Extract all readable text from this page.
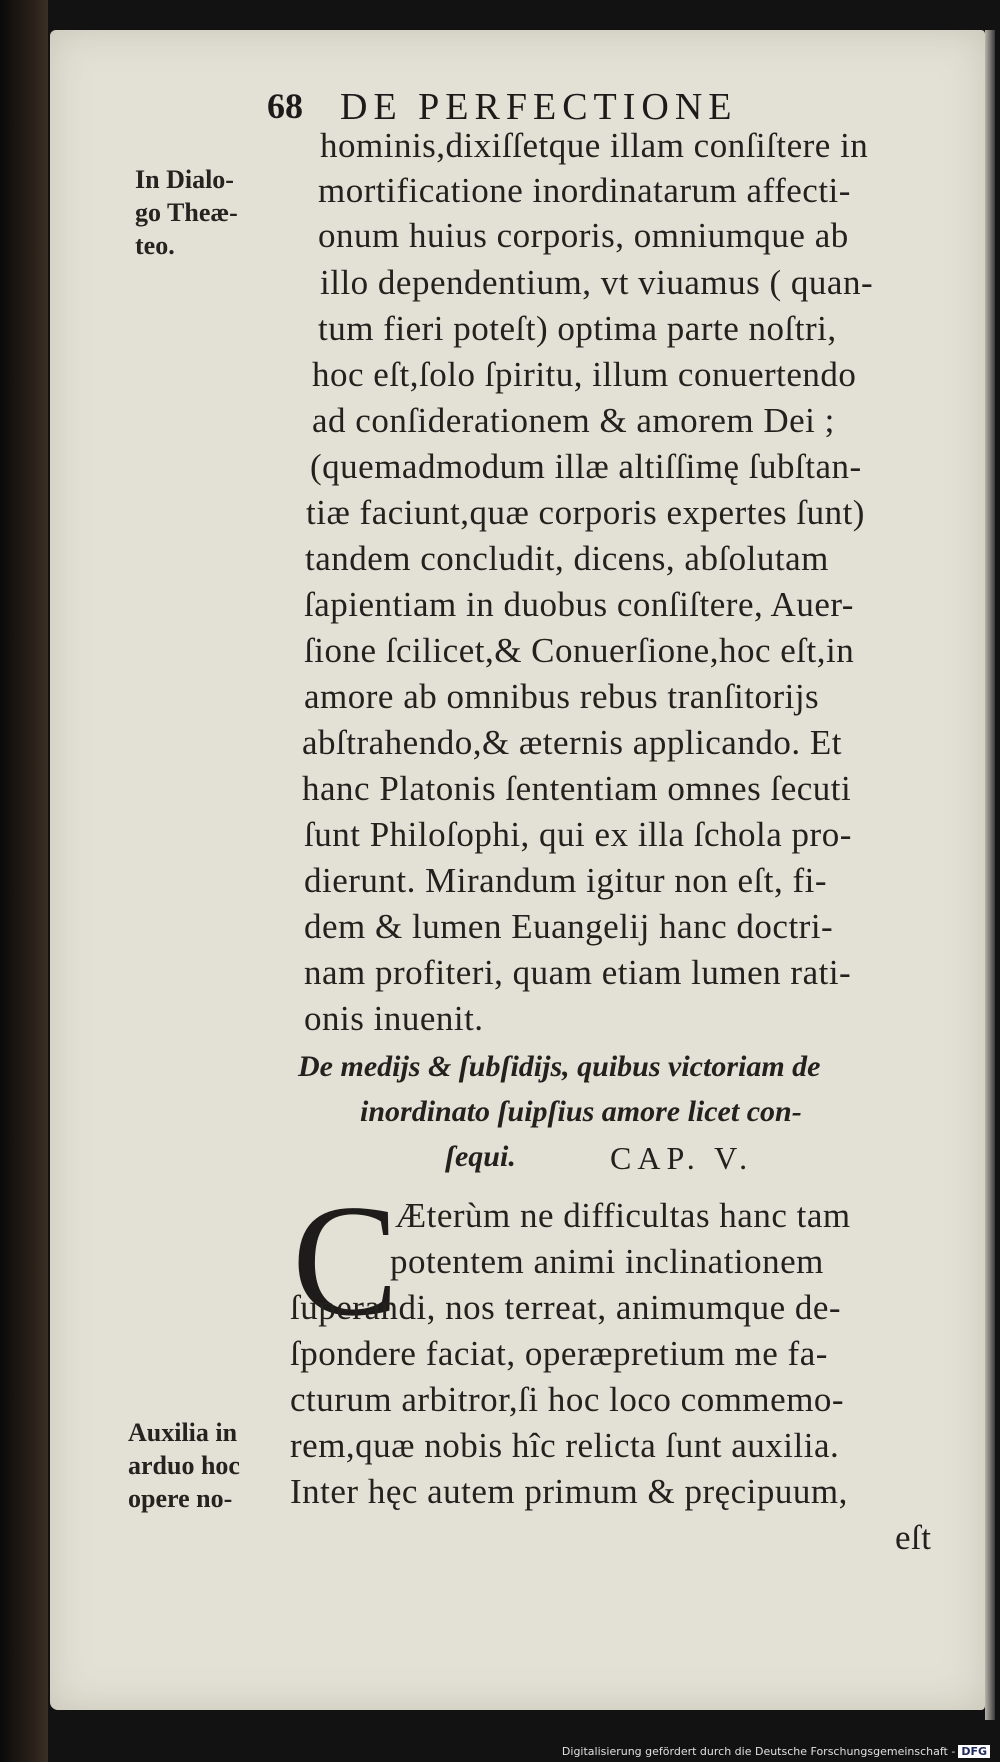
68 DE PERFECTIONE
In Dialo-
go Theæ-
teo.
hominis,dixiſſetque illam conſiſtere in
mortificatione inordinatarum affecti-
onum huius corporis, omniumque ab
illo dependentium, vt viuamus ( quan-
tum fieri poteſt) optima parte noſtri,
hoc eſt,ſolo ſpiritu, illum conuertendo
ad conſiderationem & amorem Dei ;
(quemadmodum illæ altiſſimę ſubſtan-
tiæ faciunt,quæ corporis expertes ſunt)
tandem concludit, dicens, abſolutam
ſapientiam in duobus conſiſtere, Auer-
ſione ſcilicet,& Conuerſione,hoc eſt,in
amore ab omnibus rebus tranſitorijs
abſtrahendo,& æternis applicando. Et
hanc Platonis ſententiam omnes ſecuti
ſunt Philoſophi, qui ex illa ſchola pro-
dierunt. Mirandum igitur non eſt, fi-
dem & lumen Euangelij hanc doctri-
nam profiteri, quam etiam lumen rati-
onis inuenit.
De medijs & ſubſidijs, quibus victoriam de
inordinato ſuipſius amore licet con-
ſequi.	CAP. V.
C
Æterùm ne difficultas hanc tam
potentem animi inclinationem
ſuperandi, nos terreat, animumque de-
ſpondere faciat, operæpretium me fa-
cturum arbitror,ſi hoc loco commemo-
rem,quæ nobis hîc relicta ſunt auxilia.
Inter hęc autem primum & pręcipuum,
eſt
Auxilia in
arduo hoc
opere no-
Digitalisierung gefördert durch die Deutsche Forschungsgemeinschaft - DFG
